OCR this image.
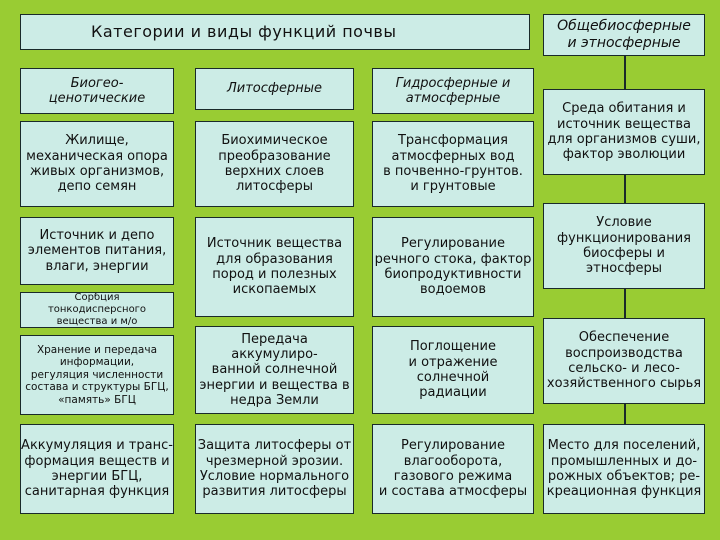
Категории и виды функций почвы	Общебиосферные
и этносферные
Биогео-
ценотические
Литосферные	Гидросферные и
атмосферные
Жилище,
механическая опора
живых организмов,
депо семян
Источник и депо
элементов питания,
влаги, энергии
Сорбция
тонкодисперсного
вещества и м/о
Хранение и передача
информации,
регуляция численности
состава и структуры БГЦ,
«память» БГЦ
Аккумуляция и транс-
формация веществ и
энергии БГЦ,
санитарная функция
Биохимическое
преобразование
верхних слоев
литосферы
Источник вещества
для образования
пород и полезных
ископаемых
Передача аккумулиро-
ванной солнечной
энергии и вещества в
недра Земли
Защита литосферы от
чрезмерной эрозии.
Условие нормального
развития литосферы
Трансформация
атмосферных вод
в почвенно-грунтов.
и грунтовые
Регулирование
речного стока, фактор
биопродуктивности
водоемов
Поглощение
и отражение
солнечной
радиации
Регулирование
влагооборота,
газового режима
и состава атмосферы
Среда обитания и
источник вещества
для организмов суши,
фактор эволюции
Условие
функционирования
биосферы и
этносферы
Обеспечение
воспроизводства
сельско- и лесо-
хозяйственного сырья
Место для поселений,
промышленных и до-
рожных объектов; ре-
креационная функция
